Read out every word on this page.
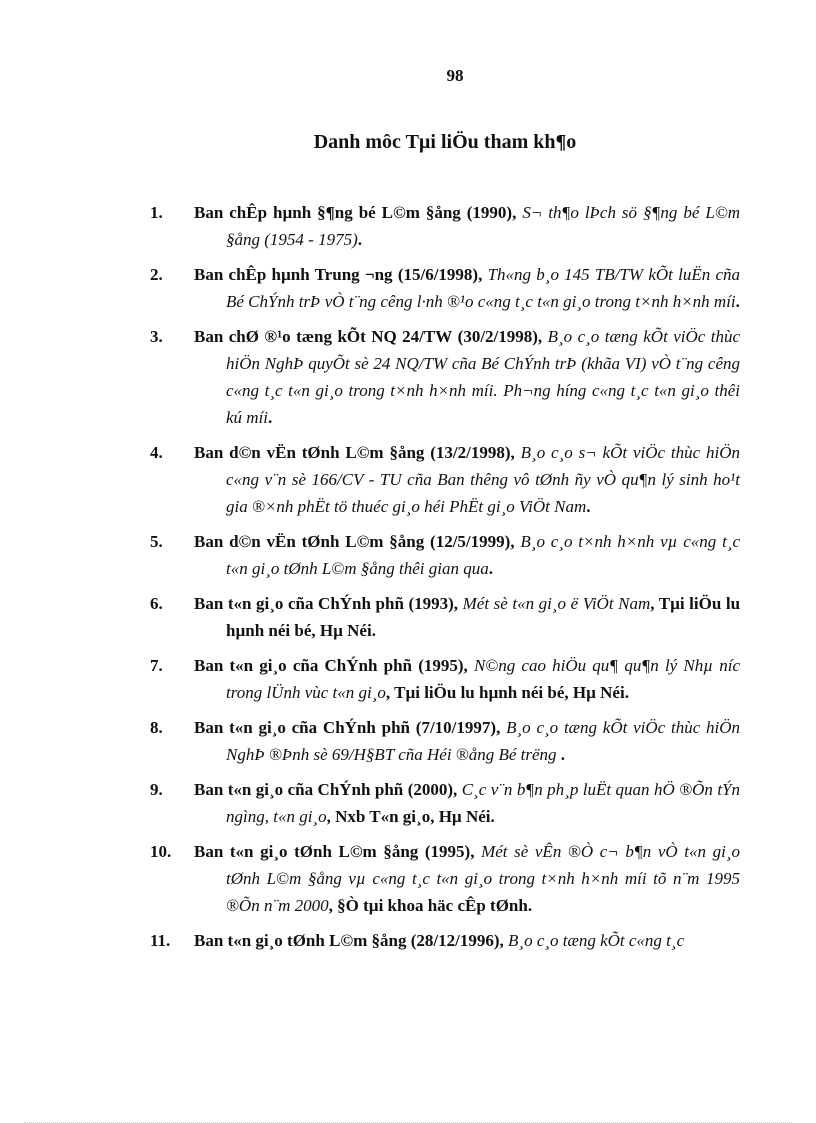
98
Danh môc Tµi liÖu tham kh¶o
1.	Ban chÊp hµnh §¶ng bé L©m §ång (1990), S¬ th¶o lÞch sö §¶ng bé L©m §ång (1954 - 1975).
2.	Ban chÊp hµnh Trung ¬ng (15/6/1998), Th«ng b¸o 145 TB/TW kÕt luËn cña Bé ChÝnh trÞ vÒ t¨ng cêng l·nh ®¹o c«ng t¸c t«n gi¸o trong t×nh h×nh míi.
3.	Ban chØ ®¹o tæng kÕt NQ 24/TW (30/2/1998), B¸o c¸o tæng kÕt viÖc thùc hiÖn NghÞ quyÕt sè 24 NQ/TW cña Bé ChÝnh trÞ (khãa VI) vÒ t¨ng cêng c«ng t¸c t«n gi¸o trong t×nh h×nh míi. Ph¬ng híng c«ng t¸c t«n gi¸o thêi kú míi.
4.	Ban d©n vËn tØnh L©m §ång (13/2/1998), B¸o c¸o s¬ kÕt viÖc thùc hiÖn c«ng v¨n sè 166/CV - TU cña Ban thêng vô tØnh ñy vÒ qu¶n lý sinh ho¹t gia ®×nh phËt tö thuéc gi¸o héi PhËt gi¸o ViÖt Nam.
5.	Ban d©n vËn tØnh L©m §ång (12/5/1999), B¸o c¸o t×nh h×nh vµ c«ng t¸c t«n gi¸o tØnh L©m §ång thêi gian qua.
6.	Ban t«n gi¸o cña ChÝnh phñ (1993), Mét sè t«n gi¸o ë ViÖt Nam, Tµi liÖu lu hµnh néi bé, Hµ Néi.
7.	Ban t«n gi¸o cña ChÝnh phñ (1995), N©ng cao hiÖu qu¶ qu¶n lý Nhµ níc trong lÜnh vùc t«n gi¸o, Tµi liÖu lu hµnh néi bé, Hµ Néi.
8.	Ban t«n gi¸o cña ChÝnh phñ (7/10/1997), B¸o c¸o tæng kÕt viÖc thùc hiÖn NghÞ ®Þnh sè 69/H§BT cña Héi ®ång Bé trëng .
9.	Ban t«n gi¸o cña ChÝnh phñ (2000), C¸c v¨n b¶n ph¸p luËt quan hÖ ®Õn tÝn ngìng, t«n gi¸o, Nxb T«n gi¸o, Hµ Néi.
10.	Ban t«n gi¸o tØnh L©m §ång (1995), Mét sè vÊn ®Ò c¬ b¶n vÒ t«n gi¸o tØnh L©m §ång vµ c«ng t¸c t«n gi¸o trong t×nh h×nh míi tõ n¨m 1995 ®Õn n¨m 2000, §Ò tµi khoa häc cÊp tØnh.
11.	Ban t«n gi¸o tØnh L©m §ång (28/12/1996), B¸o c¸o tæng kÕt c«ng t¸c
